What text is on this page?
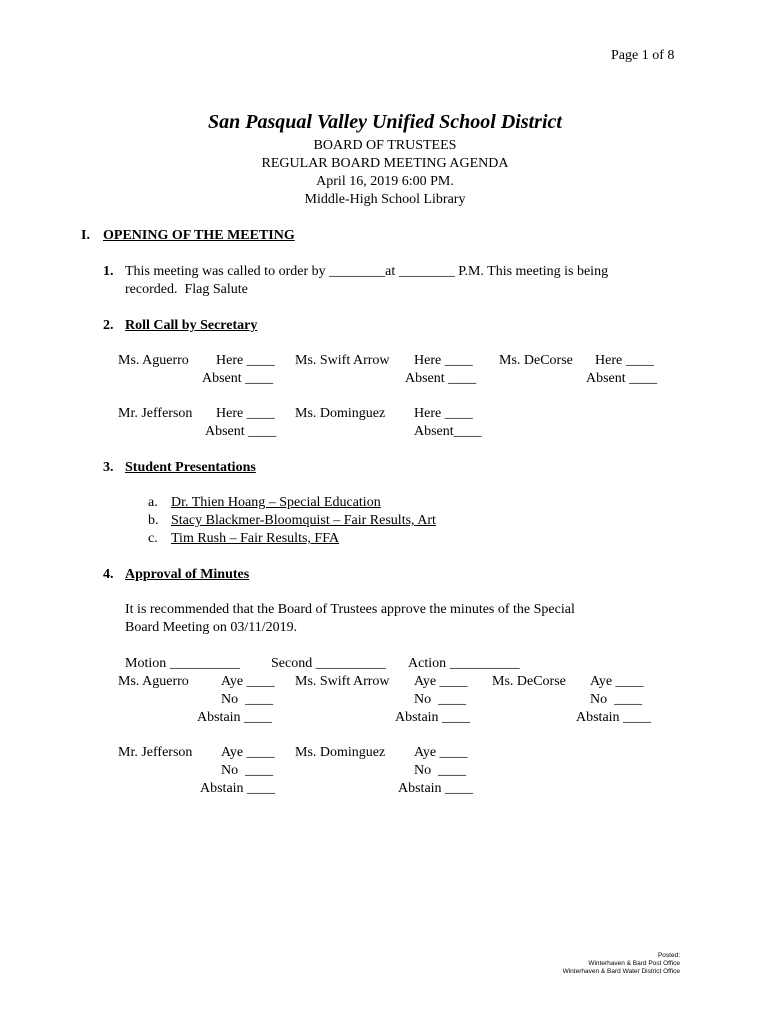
Page 1 of 8
San Pasqual Valley Unified School District
BOARD OF TRUSTEES
REGULAR BOARD MEETING AGENDA
April 16, 2019 6:00 PM.
Middle-High School Library
I. OPENING OF THE MEETING
1. This meeting was called to order by ________at ________ P.M. This meeting is being
recorded.  Flag Salute
2. Roll Call by Secretary
Ms. Aguerro Here ____
Absent ____
Ms. Swift Arrow Here ____
Absent ____
Ms. DeCorse Here ____
Absent ____
Mr. Jefferson Here ____
Absent ____
Ms. Dominguez Here ____
Absent____
3. Student Presentations
a. Dr. Thien Hoang – Special Education
b. Stacy Blackmer-Bloomquist – Fair Results, Art
c. Tim Rush – Fair Results, FFA
4. Approval of Minutes
It is recommended that the Board of Trustees approve the minutes of the Special
Board Meeting on 03/11/2019.
Motion __________ Second __________ Action __________
Ms. Aguerro Aye ____
No  ____
Abstain ____
Ms. Swift Arrow Aye ____
No  ____
Abstain ____
Ms. DeCorse Aye ____
No  ____
Abstain ____
Mr. Jefferson Aye ____
No  ____
Abstain ____
Ms. Dominguez Aye ____
No  ____
Abstain ____
Posted:
Winterhaven & Bard Post Office
Winterhaven & Bard Water District Office
